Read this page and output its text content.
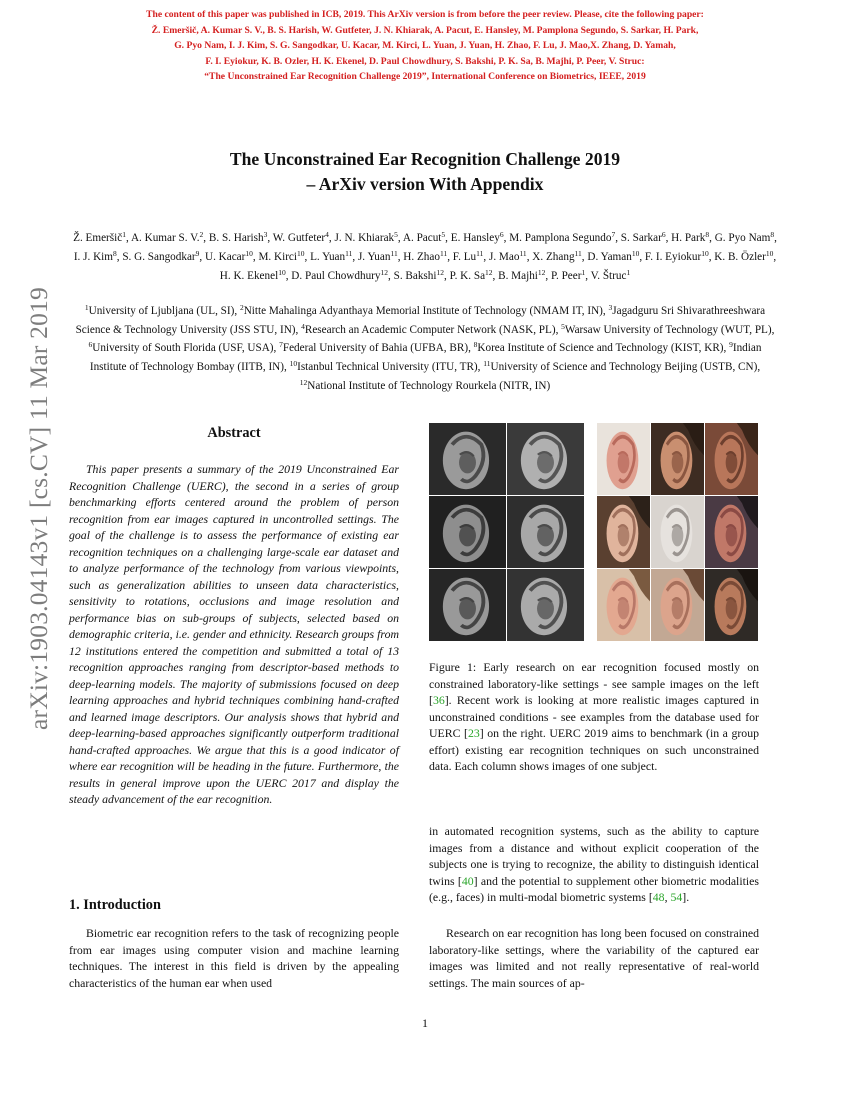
The content of this paper was published in ICB, 2019. This ArXiv version is from before the peer review. Please, cite the following paper:
Ž. Emeršič, A. Kumar S. V., B. S. Harish, W. Gutfeter, J. N. Khiarak, A. Pacut, E. Hansley, M. Pamplona Segundo, S. Sarkar, H. Park,
G. Pyo Nam, I. J. Kim, S. G. Sangodkar, U. Kacar, M. Kirci, L. Yuan, J. Yuan, H. Zhao, F. Lu, J. Mao,X. Zhang, D. Yamah,
F. I. Eyiokur, K. B. Ozler, H. K. Ekenel, D. Paul Chowdhury, S. Bakshi, P. K. Sa, B. Majhi, P. Peer, V. Struc:
“The Unconstrained Ear Recognition Challenge 2019”, International Conference on Biometrics, IEEE, 2019
arXiv:1903.04143v1 [cs.CV] 11 Mar 2019
The Unconstrained Ear Recognition Challenge 2019
– ArXiv version With Appendix
Ž. Emeršič$^1$, A. Kumar S. V.$^2$, B. S. Harish$^3$, W. Gutfeter$^4$, J. N. Khiarak$^5$, A. Pacut$^5$, E. Hansley$^6$, M. Pamplona Segundo$^7$, S. Sarkar$^6$, H. Park$^8$, G. Pyo Nam$^8$, I. J. Kim$^8$, S. G. Sangodkar$^9$, U. Kacar$^{10}$, M. Kirci$^{10}$, L. Yuan$^{11}$, J. Yuan$^{11}$, H. Zhao$^{11}$, F. Lu$^{11}$, J. Mao$^{11}$, X. Zhang$^{11}$, D. Yaman$^{10}$, F. I. Eyiokur$^{10}$, K. B. Özler$^{10}$, H. K. Ekenel$^{10}$, D. Paul Chowdhury$^{12}$, S. Bakshi$^{12}$, P. K. Sa$^{12}$, B. Majhi$^{12}$, P. Peer$^1$, V. Štruc$^1$
$^1$University of Ljubljana (UL, SI), $^2$Nitte Mahalinga Adyanthaya Memorial Institute of Technology (NMAM IT, IN), $^3$Jagadguru Sri Shivarathreeshwara Science & Technology University (JSS STU, IN), $^4$Research an Academic Computer Network (NASK, PL), $^5$Warsaw University of Technology (WUT, PL), $^6$University of South Florida (USF, USA), $^7$Federal University of Bahia (UFBA, BR), $^8$Korea Institute of Science and Technology (KIST, KR), $^9$Indian Institute of Technology Bombay (IITB, IN), $^{10}$Istanbul Technical University (ITU, TR), $^{11}$University of Science and Technology Beijing (USTB, CN), $^{12}$National Institute of Technology Rourkela (NITR, IN)
Abstract
This paper presents a summary of the 2019 Unconstrained Ear Recognition Challenge (UERC), the second in a series of group benchmarking efforts centered around the problem of person recognition from ear images captured in uncontrolled settings. The goal of the challenge is to assess the performance of existing ear recognition techniques on a challenging large-scale ear dataset and to analyze performance of the technology from various viewpoints, such as generalization abilities to unseen data characteristics, sensitivity to rotations, occlusions and image resolution and performance bias on sub-groups of subjects, selected based on demographic criteria, i.e. gender and ethnicity. Research groups from 12 institutions entered the competition and submitted a total of 13 recognition approaches ranging from descriptor-based methods to deep-learning models. The majority of submissions focused on deep learning approaches and hybrid techniques combining hand-crafted and learned image descriptors. Our analysis shows that hybrid and deep-learning-based approaches significantly outperform traditional hand-crafted approaches. We argue that this is a good indicator of where ear recognition will be heading in the future. Furthermore, the results in general improve upon the UERC 2017 and display the steady advancement of the ear recognition.
1. Introduction
Biometric ear recognition refers to the task of recognizing people from ear images using computer vision and machine learning techniques. The interest in this field is driven by the appealing characteristics of the human ear when used
Figure 1: Early research on ear recognition focused mostly on constrained laboratory-like settings - see sample images on the left [36]. Recent work is looking at more realistic images captured in unconstrained conditions - see examples from the database used for UERC [23] on the right. UERC 2019 aims to benchmark (in a group effort) existing ear recognition techniques on such unconstrained data. Each column shows images of one subject.
in automated recognition systems, such as the ability to capture images from a distance and without explicit cooperation of the subjects one is trying to recognize, the ability to distinguish identical twins [40] and the potential to supplement other biometric modalities (e.g., faces) in multi-modal biometric systems [48, 54].
Research on ear recognition has long been focused on constrained laboratory-like settings, where the variability of the captured ear images was limited and not really representative of real-world settings. The main sources of ap-
1
